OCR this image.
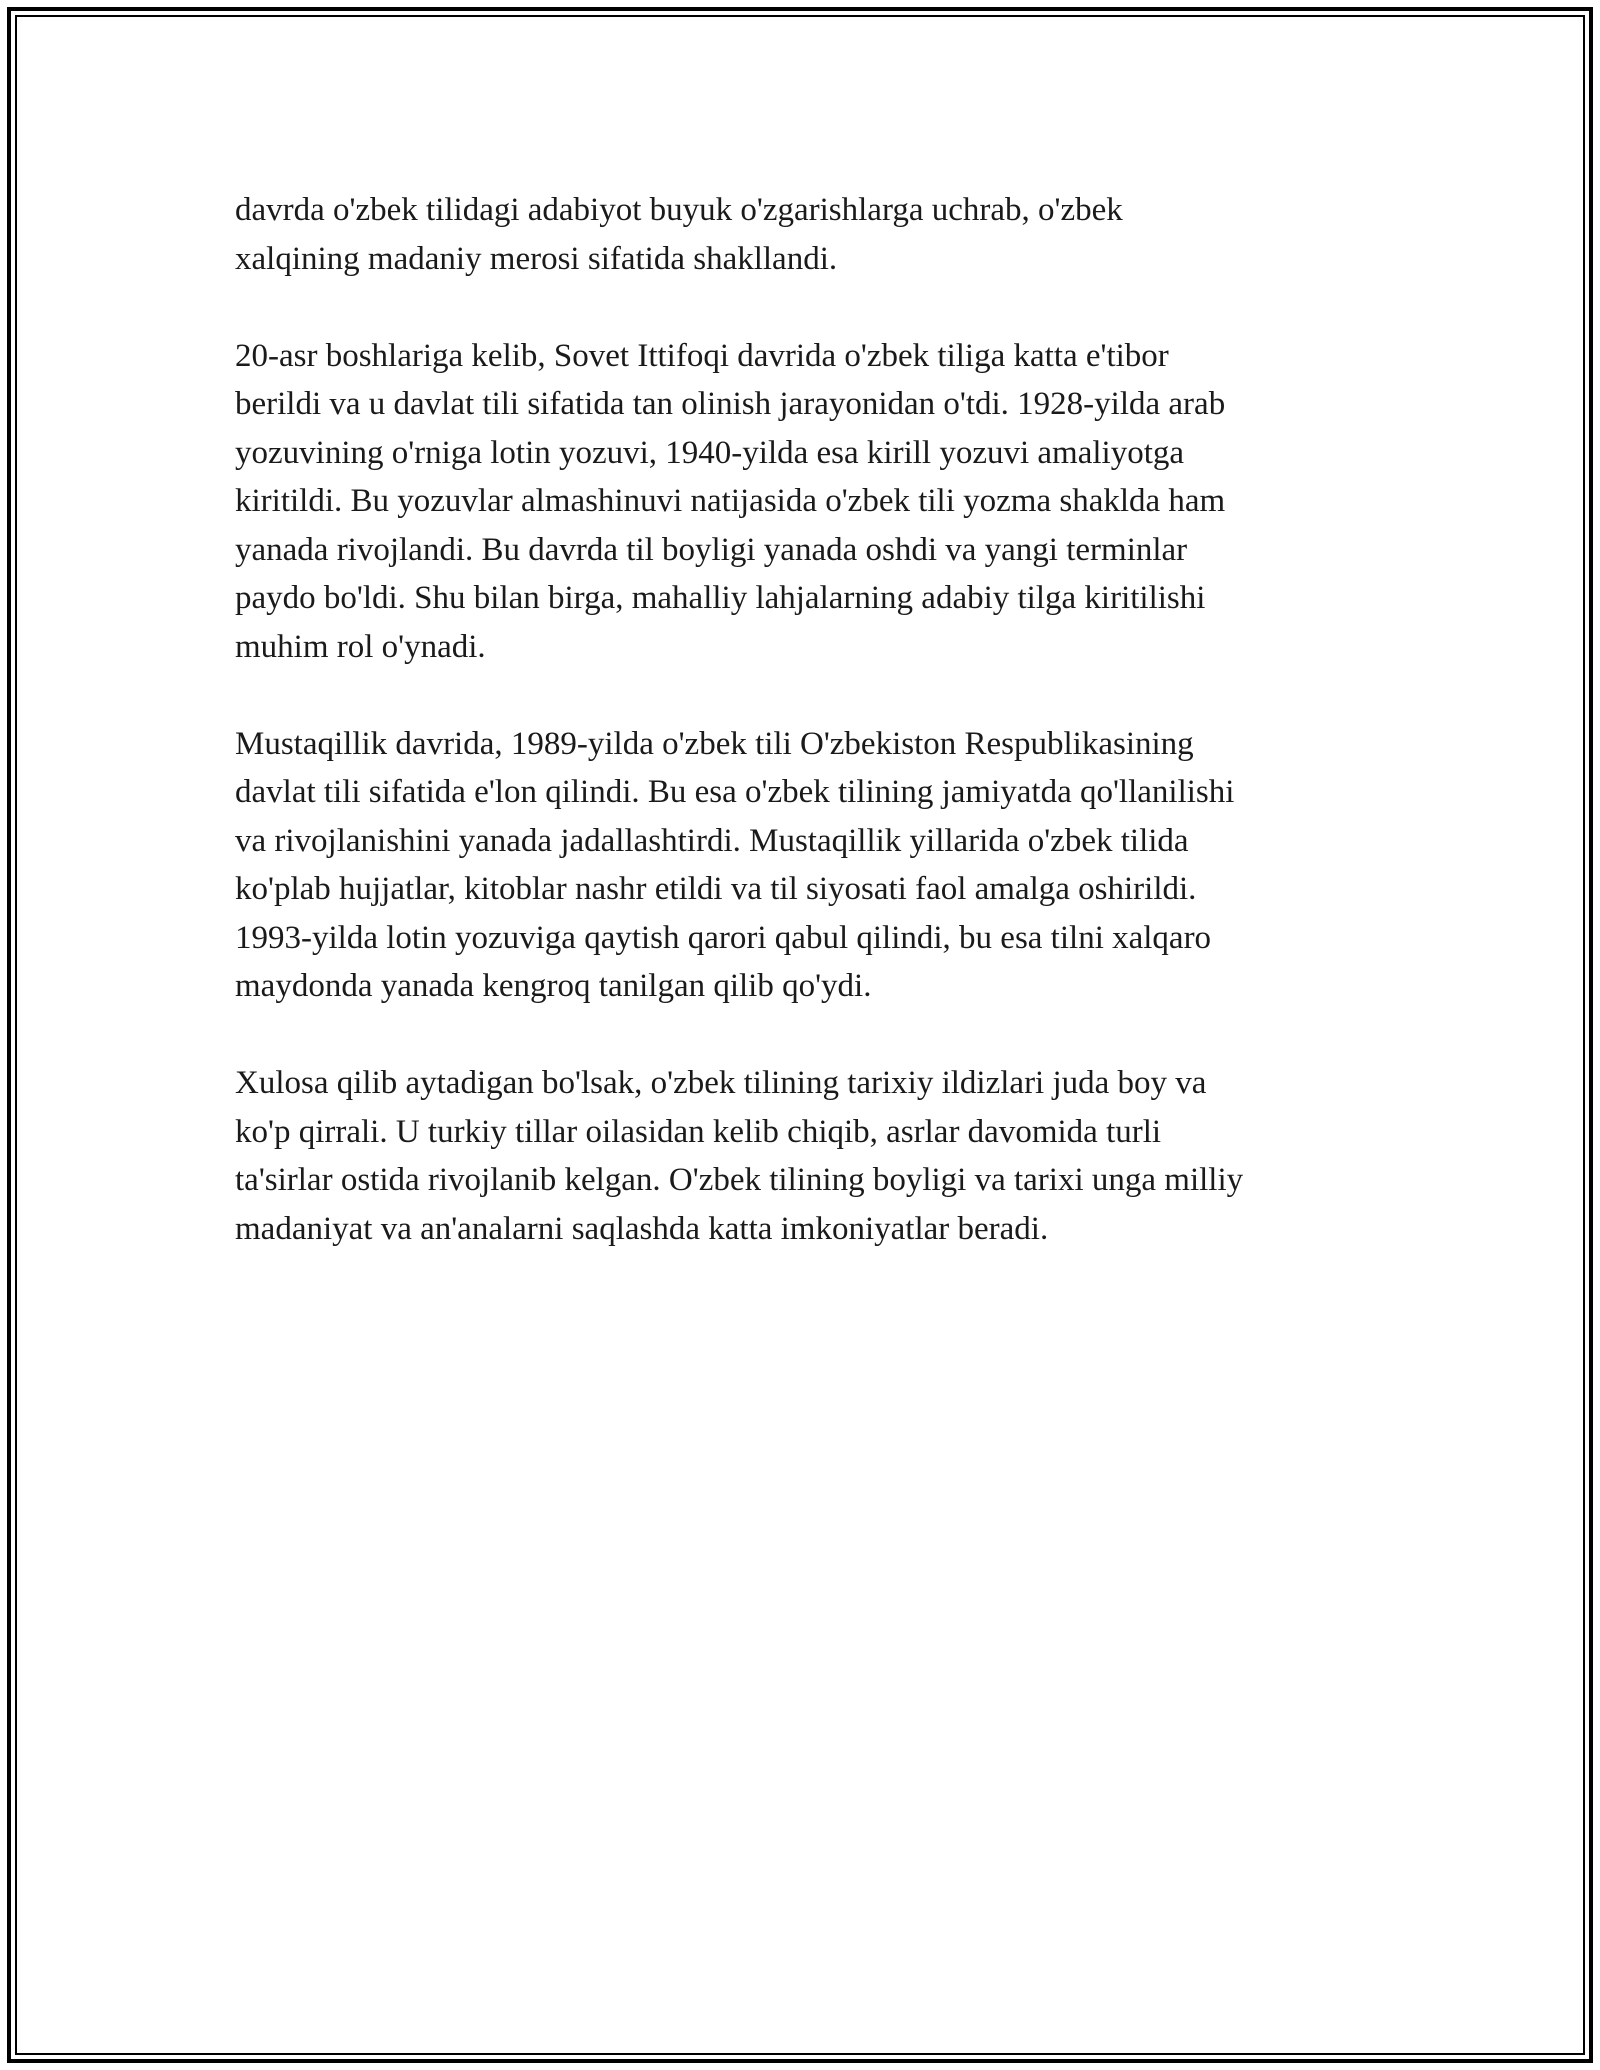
davrda o'zbek tilidagi adabiyot buyuk o'zgarishlarga uchrab, o'zbek
xalqining madaniy merosi sifatida shakllandi.

20-asr boshlariga kelib, Sovet Ittifoqi davrida o'zbek tiliga katta e'tibor
berildi va u davlat tili sifatida tan olinish jarayonidan o'tdi. 1928-yilda arab
yozuvining o'rniga lotin yozuvi, 1940-yilda esa kirill yozuvi amaliyotga
kiritildi. Bu yozuvlar almashinuvi natijasida o'zbek tili yozma shaklda ham
yanada rivojlandi. Bu davrda til boyligi yanada oshdi va yangi terminlar
paydo bo'ldi. Shu bilan birga, mahalliy lahjalarning adabiy tilga kiritilishi
muhim rol o'ynadi.

Mustaqillik davrida, 1989-yilda o'zbek tili O'zbekiston Respublikasining
davlat tili sifatida e'lon qilindi. Bu esa o'zbek tilining jamiyatda qo'llanilishi
va rivojlanishini yanada jadallashtirdi. Mustaqillik yillarida o'zbek tilida
ko'plab hujjatlar, kitoblar nashr etildi va til siyosati faol amalga oshirildi.
1993-yilda lotin yozuviga qaytish qarori qabul qilindi, bu esa tilni xalqaro
maydonda yanada kengroq tanilgan qilib qo'ydi.

Xulosa qilib aytadigan bo'lsak, o'zbek tilining tarixiy ildizlari juda boy va
ko'p qirrali. U turkiy tillar oilasidan kelib chiqib, asrlar davomida turli
ta'sirlar ostida rivojlanib kelgan. O'zbek tilining boyligi va tarixi unga milliy
madaniyat va an'analarni saqlashda katta imkoniyatlar beradi.
